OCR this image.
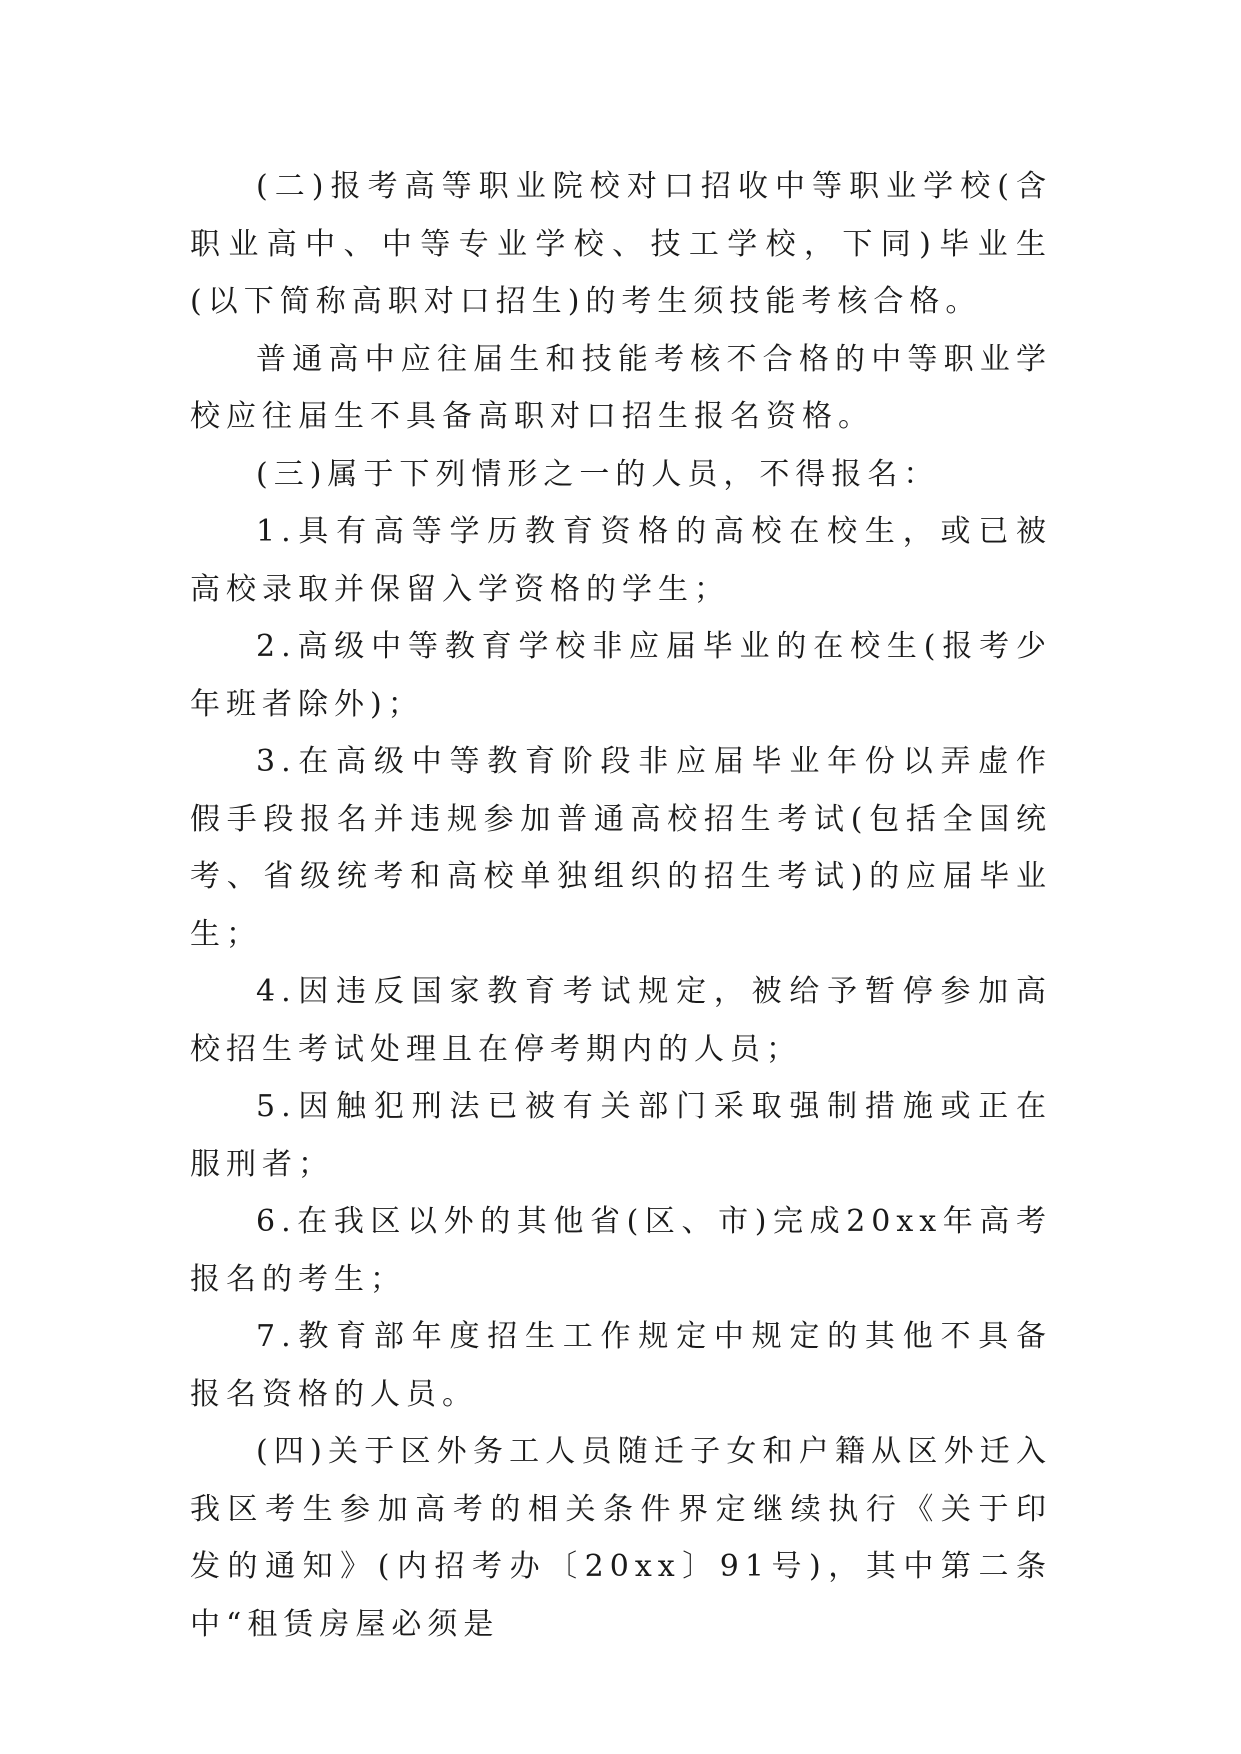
(二)报考高等职业院校对口招收中等职业学校(含职业高中、中等专业学校、技工学校，下同)毕业生(以下简称高职对口招生)的考生须技能考核合格。

普通高中应往届生和技能考核不合格的中等职业学校应往届生不具备高职对口招生报名资格。

(三)属于下列情形之一的人员，不得报名：

1.具有高等学历教育资格的高校在校生，或已被高校录取并保留入学资格的学生；

2.高级中等教育学校非应届毕业的在校生(报考少年班者除外)；

3.在高级中等教育阶段非应届毕业年份以弄虚作假手段报名并违规参加普通高校招生考试(包括全国统考、省级统考和高校单独组织的招生考试)的应届毕业生；

4.因违反国家教育考试规定，被给予暂停参加高校招生考试处理且在停考期内的人员；

5.因触犯刑法已被有关部门采取强制措施或正在服刑者；

6.在我区以外的其他省(区、市)完成20xx年高考报名的考生；

7.教育部年度招生工作规定中规定的其他不具备报名资格的人员。

(四)关于区外务工人员随迁子女和户籍从区外迁入我区考生参加高考的相关条件界定继续执行《关于印发的通知》(内招考办〔20xx〕91号)，其中第二条中“租赁房屋必须是
